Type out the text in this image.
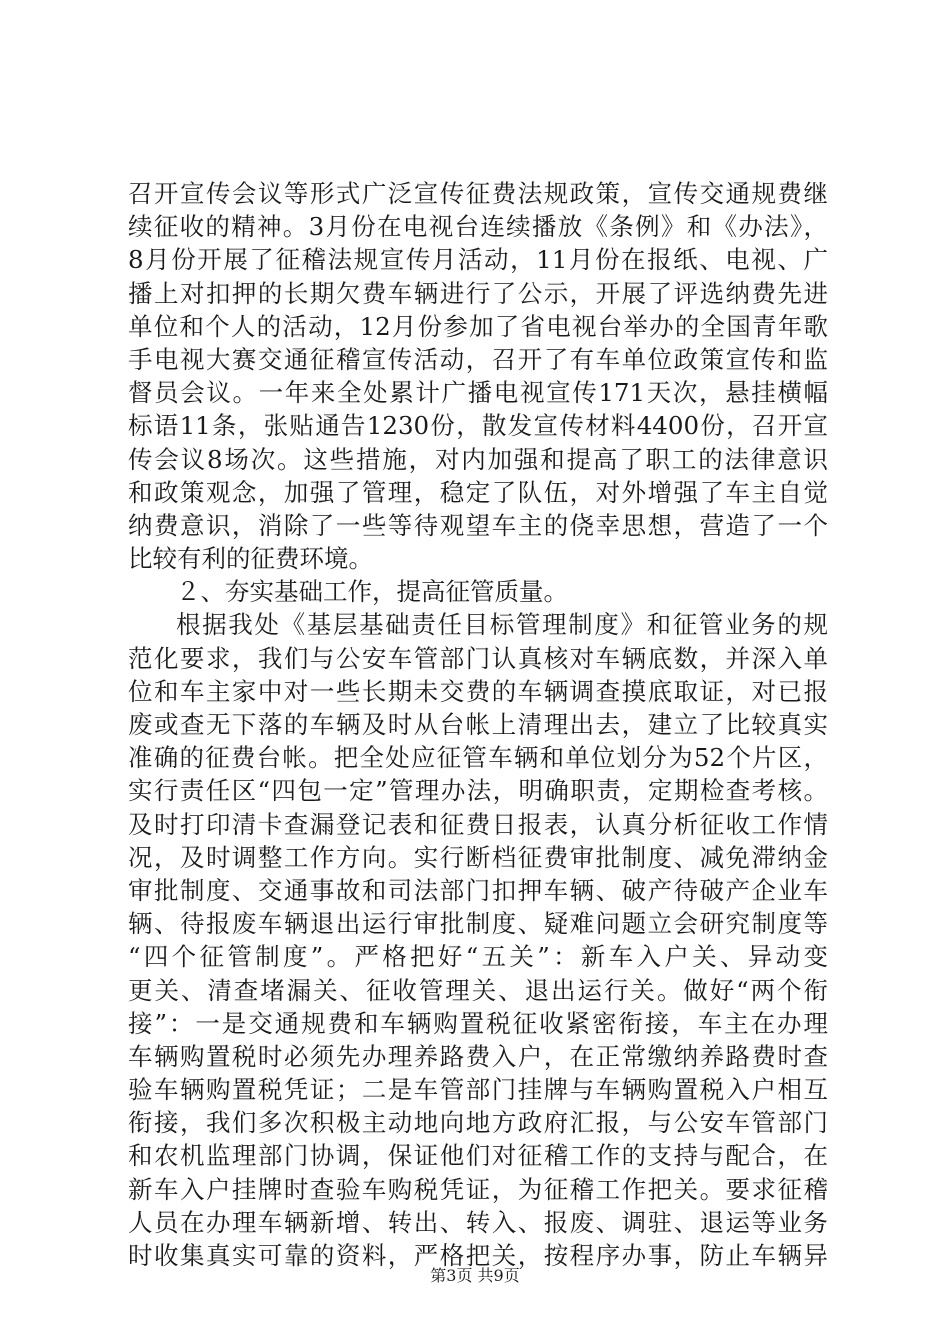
召开宣传会议等形式广泛宣传征费法规政策，宣传交通规费继
续征收的精神。3月份在电视台连续播放《条例》和《办法》，
8月份开展了征稽法规宣传月活动，11月份在报纸、电视、广
播上对扣押的长期欠费车辆进行了公示，开展了评选纳费先进
单位和个人的活动，12月份参加了省电视台举办的全国青年歌
手电视大赛交通征稽宣传活动，召开了有车单位政策宣传和监
督员会议。一年来全处累计广播电视宣传171天次，悬挂横幅
标语11条，张贴通告1230份，散发宣传材料4400份，召开宣
传会议8场次。这些措施，对内加强和提高了职工的法律意识
和政策观念，加强了管理，稳定了队伍，对外增强了车主自觉
纳费意识，消除了一些等待观望车主的侥幸思想，营造了一个
比较有利的征费环境。
２、夯实基础工作，提高征管质量。
根据我处《基层基础责任目标管理制度》和征管业务的规
范化要求，我们与公安车管部门认真核对车辆底数，并深入单
位和车主家中对一些长期未交费的车辆调查摸底取证，对已报
废或查无下落的车辆及时从台帐上清理出去，建立了比较真实
准确的征费台帐。把全处应征管车辆和单位划分为52个片区，
实行责任区“四包一定”管理办法，明确职责，定期检查考核。
及时打印清卡查漏登记表和征费日报表，认真分析征收工作情
况，及时调整工作方向。实行断档征费审批制度、减免滞纳金
审批制度、交通事故和司法部门扣押车辆、破产待破产企业车
辆、待报废车辆退出运行审批制度、疑难问题立会研究制度等
“四个征管制度”。严格把好“五关”：新车入户关、异动变
更关、清查堵漏关、征收管理关、退出运行关。做好“两个衔
接”：一是交通规费和车辆购置税征收紧密衔接，车主在办理
车辆购置税时必须先办理养路费入户，在正常缴纳养路费时查
验车辆购置税凭证；二是车管部门挂牌与车辆购置税入户相互
衔接，我们多次积极主动地向地方政府汇报，与公安车管部门
和农机监理部门协调，保证他们对征稽工作的支持与配合，在
新车入户挂牌时查验车购税凭证，为征稽工作把关。要求征稽
人员在办理车辆新增、转出、转入、报废、调驻、退运等业务
时收集真实可靠的资料，严格把关，按程序办事，防止车辆异
第3页 共9页
